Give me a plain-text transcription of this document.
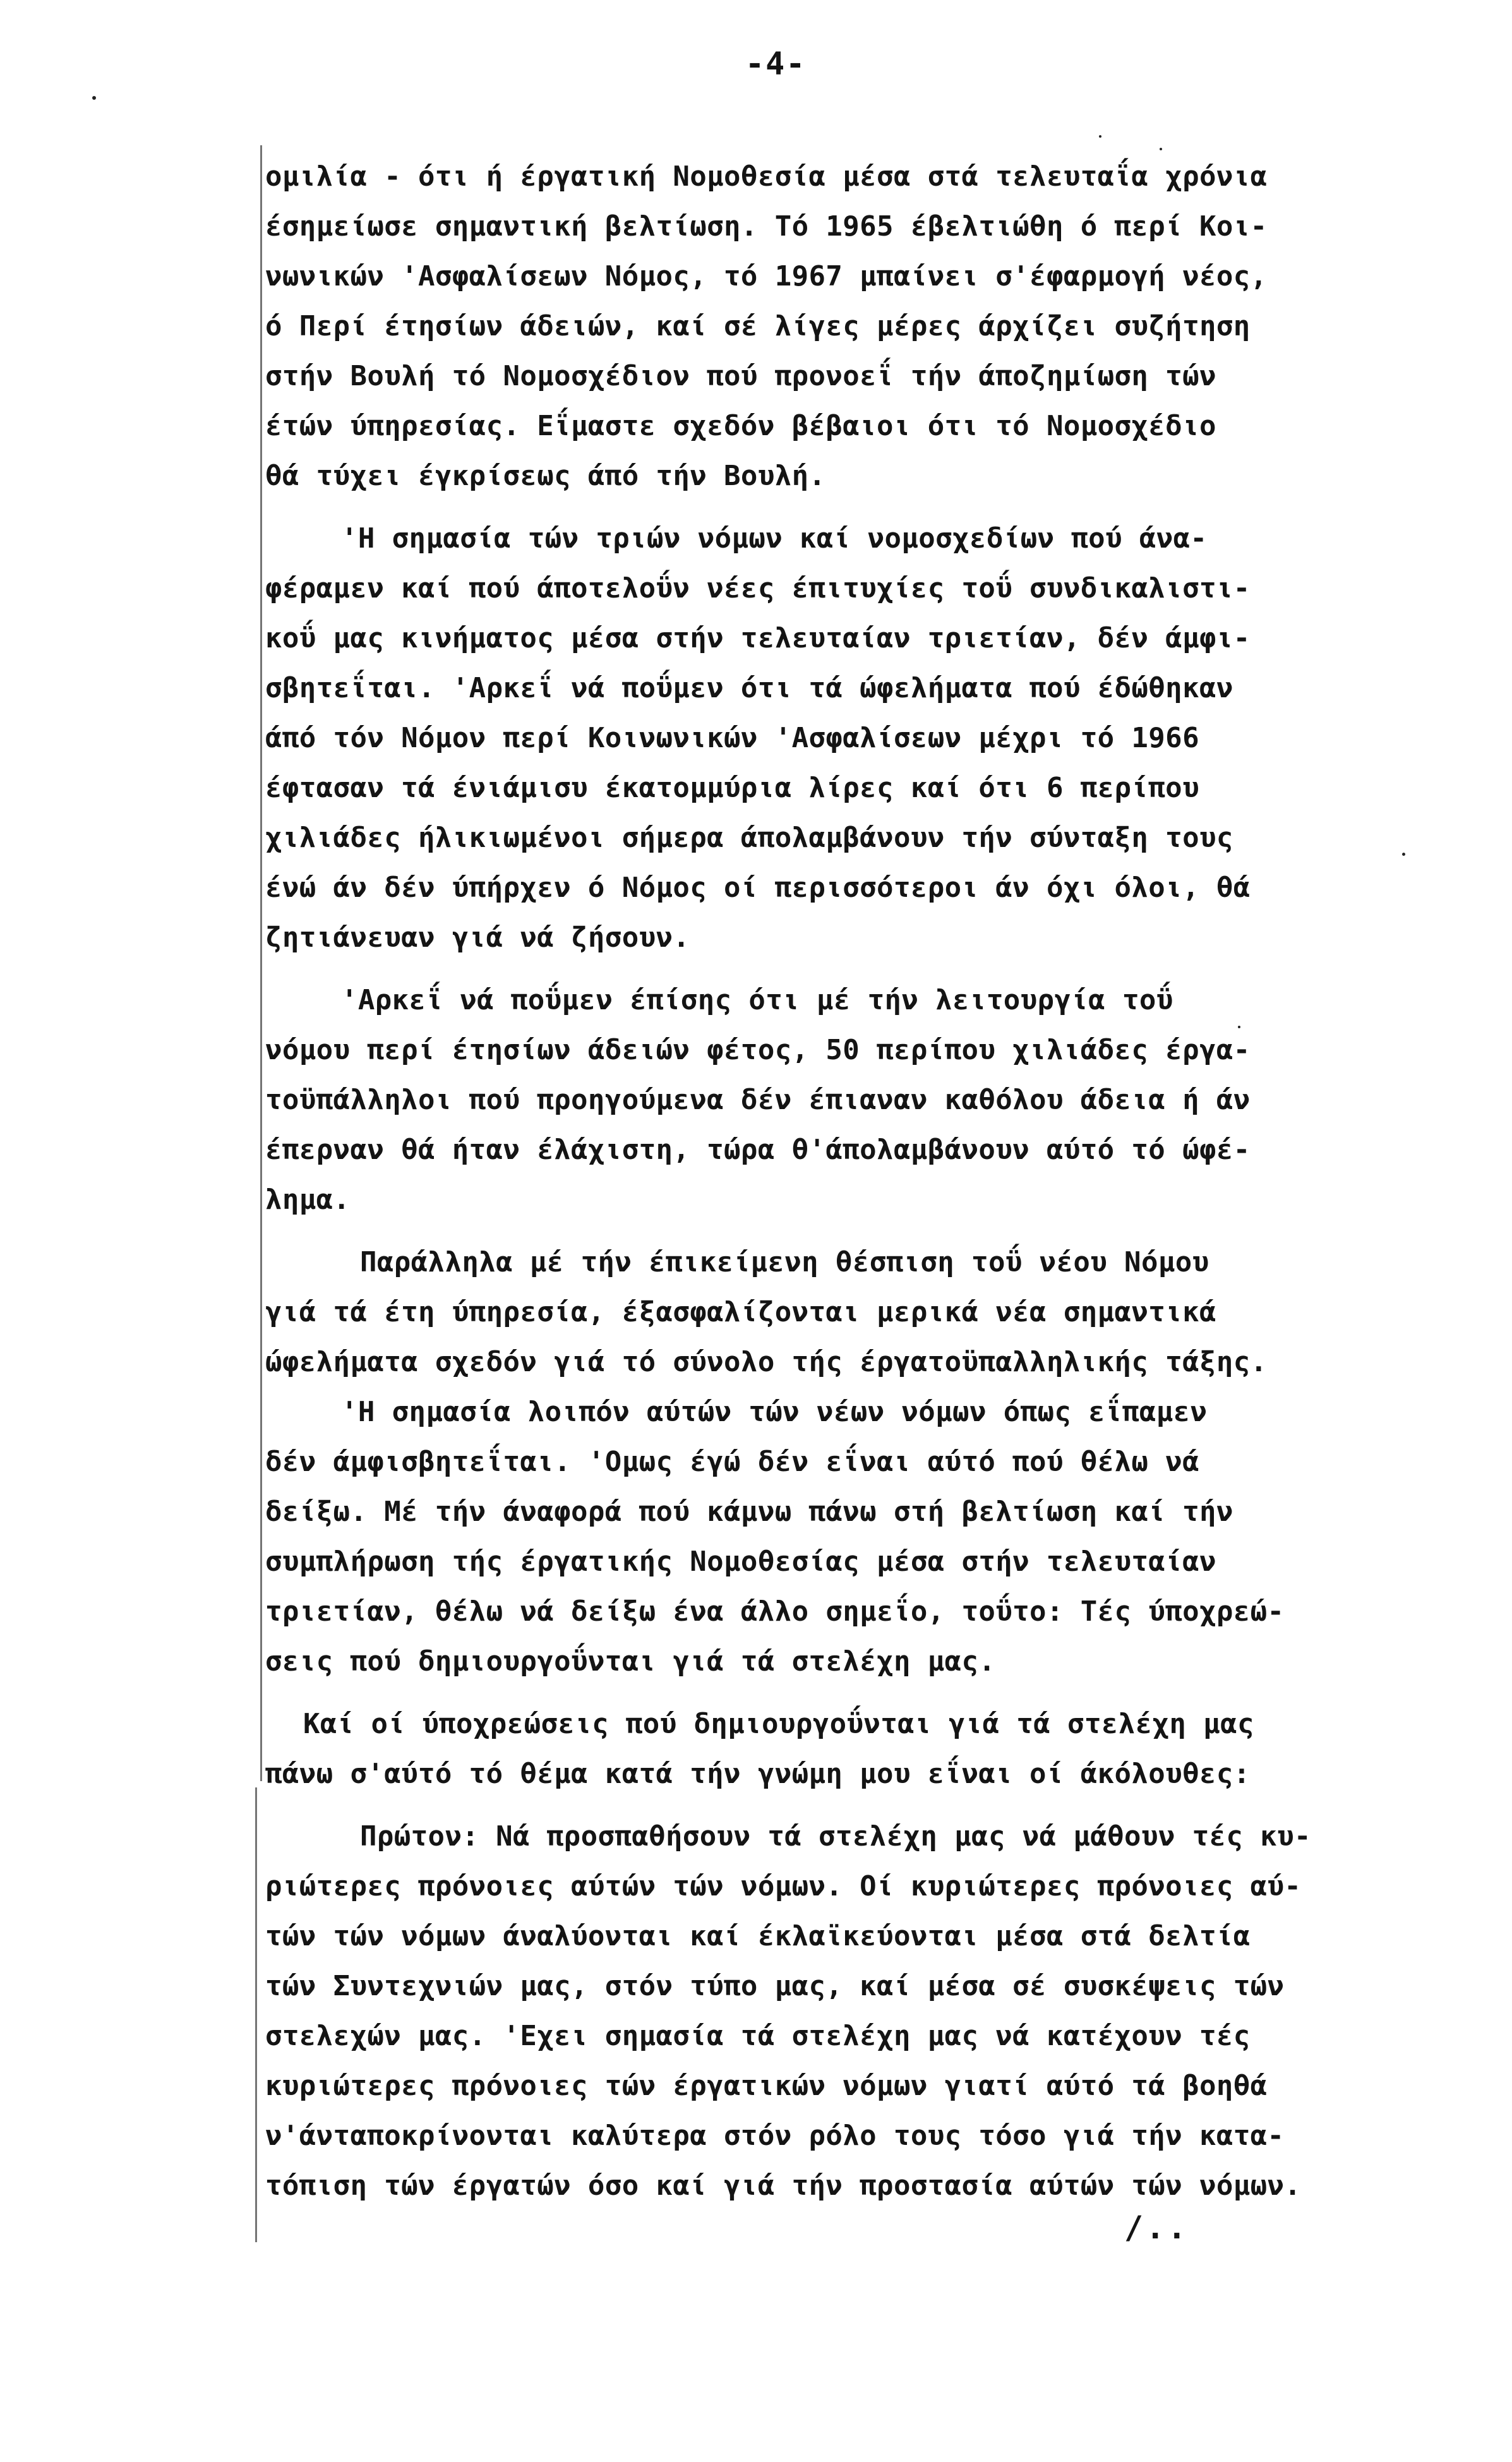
-4-
ομιλία - ότι ή έργατική Νομοθεσία μέσα στά τελευταΐα χρόνια
έσημείωσε σημαντική βελτίωση. Τό 1965 έβελτιώθη ό περί Κοι-
νωνικών 'Ασφαλίσεων Νόμος, τό 1967 μπαίνει σ'έφαρμογή νέος,
ό Περί έτησίων άδειών, καί σέ λίγες μέρες άρχίζει συζήτηση
στήν Βουλή τό Νομοσχέδιον πού προνοεΐ τήν άποζημίωση τών
έτών ύπηρεσίας. Εΐμαστε σχεδόν βέβαιοι ότι τό Νομοσχέδιο
θά τύχει έγκρίσεως άπό τήν Βουλή.
'Η σημασία τών τριών νόμων καί νομοσχεδίων πού άνα-
φέραμεν καί πού άποτελοΰν νέες έπιτυχίες τοΰ συνδικαλιστι-
κοΰ μας κινήματος μέσα στήν τελευταίαν τριετίαν, δέν άμφι-
σβητεΐται. 'Αρκεΐ νά ποΰμεν ότι τά ώφελήματα πού έδώθηκαν
άπό τόν Νόμον περί Κοινωνικών 'Ασφαλίσεων μέχρι τό 1966
έφτασαν τά ένιάμισυ έκατομμύρια λίρες καί ότι 6 περίπου
χιλιάδες ήλικιωμένοι σήμερα άπολαμβάνουν τήν σύνταξη τους
ένώ άν δέν ύπήρχεν ό Νόμος οί περισσότεροι άν όχι όλοι, θά
ζητιάνευαν γιά νά ζήσουν.
'Αρκεΐ νά ποΰμεν έπίσης ότι μέ τήν λειτουργία τοΰ
νόμου περί έτησίων άδειών φέτος, 50 περίπου χιλιάδες έργα-
τοϋπάλληλοι πού προηγούμενα δέν έπιαναν καθόλου άδεια ή άν
έπερναν θά ήταν έλάχιστη, τώρα θ'άπολαμβάνουν αύτό τό ώφέ-
λημα.
Παράλληλα μέ τήν έπικείμενη θέσπιση τοΰ νέου Νόμου
γιά τά έτη ύπηρεσία, έξασφαλίζονται μερικά νέα σημαντικά
ώφελήματα σχεδόν γιά τό σύνολο τής έργατοϋπαλληλικής τάξης.
'Η σημασία λοιπόν αύτών τών νέων νόμων όπως εΐπαμεν
δέν άμφισβητεΐται. 'Ομως έγώ δέν εΐναι αύτό πού θέλω νά
δείξω. Μέ τήν άναφορά πού κάμνω πάνω στή βελτίωση καί τήν
συμπλήρωση τής έργατικής Νομοθεσίας μέσα στήν τελευταίαν
τριετίαν, θέλω νά δείξω ένα άλλο σημεΐο, τοΰτο: Τές ύποχρεώ-
σεις πού δημιουργοΰνται γιά τά στελέχη μας.
Καί οί ύποχρεώσεις πού δημιουργοΰνται γιά τά στελέχη μας
πάνω σ'αύτό τό θέμα κατά τήν γνώμη μου εΐναι οί άκόλουθες:
Πρώτον: Νά προσπαθήσουν τά στελέχη μας νά μάθουν τές κυ-
ριώτερες πρόνοιες αύτών τών νόμων. Οί κυριώτερες πρόνοιες αύ-
τών τών νόμων άναλύονται καί έκλαϊκεύονται μέσα στά δελτία
τών Συντεχνιών μας, στόν τύπο μας, καί μέσα σέ συσκέψεις τών
στελεχών μας. 'Εχει σημασία τά στελέχη μας νά κατέχουν τές
κυριώτερες πρόνοιες τών έργατικών νόμων γιατί αύτό τά βοηθά
ν'άνταποκρίνονται καλύτερα στόν ρόλο τους τόσο γιά τήν κατα-
τόπιση τών έργατών όσο καί γιά τήν προστασία αύτών τών νόμων.
/..
